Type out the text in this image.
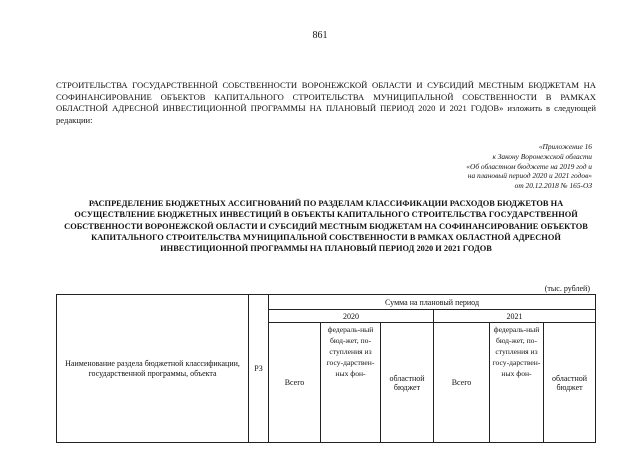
861
СТРОИТЕЛЬСТВА ГОСУДАРСТВЕННОЙ СОБСТВЕННОСТИ ВОРОНЕЖСКОЙ ОБЛАСТИ И СУБСИДИЙ МЕСТНЫМ БЮДЖЕТАМ НА СОФИНАНСИРОВАНИЕ ОБЪЕКТОВ КАПИТАЛЬНОГО СТРОИТЕЛЬСТВА МУНИЦИПАЛЬНОЙ СОБСТВЕННОСТИ В РАМКАХ ОБЛАСТНОЙ АДРЕСНОЙ ИНВЕСТИЦИОННОЙ ПРОГРАММЫ НА ПЛАНОВЫЙ ПЕРИОД 2020 И 2021 ГОДОВ» изложить в следующей редакции:
«Приложение 16
к Закону Воронежской области
«Об областном бюджете на 2019 год и
на плановый период 2020 и 2021 годов»
от 20.12.2018 № 165-ОЗ
РАСПРЕДЕЛЕНИЕ БЮДЖЕТНЫХ АССИГНОВАНИЙ ПО РАЗДЕЛАМ КЛАССИФИКАЦИИ РАСХОДОВ БЮДЖЕТОВ НА ОСУЩЕСТВЛЕНИЕ БЮДЖЕТНЫХ ИНВЕСТИЦИЙ В ОБЪЕКТЫ КАПИТАЛЬНОГО СТРОИТЕЛЬСТВА ГОСУДАРСТВЕННОЙ СОБСТВЕННОСТИ ВОРОНЕЖСКОЙ ОБЛАСТИ И СУБСИДИЙ МЕСТНЫМ БЮДЖЕТАМ НА СОФИНАНСИРОВАНИЕ ОБЪЕКТОВ КАПИТАЛЬНОГО СТРОИТЕЛЬСТВА МУНИЦИПАЛЬНОЙ СОБСТВЕННОСТИ В РАМКАХ ОБЛАСТНОЙ АДРЕСНОЙ ИНВЕСТИЦИОННОЙ ПРОГРАММЫ НА ПЛАНОВЫЙ ПЕРИОД 2020 И 2021 ГОДОВ
(тыс. рублей)
Наименование раздела бюджетной классификации, государственной программы, объекта	РЗ	Сумма на плановый период					
		2020			2021		
		Всего	федераль-ный бюд-жет, по-ступления из госу-дарствен-ных фон-	областной бюджет	Всего	федераль-ный бюд-жет, по-ступления из госу-дарствен-ных фон-	областной бюджет
